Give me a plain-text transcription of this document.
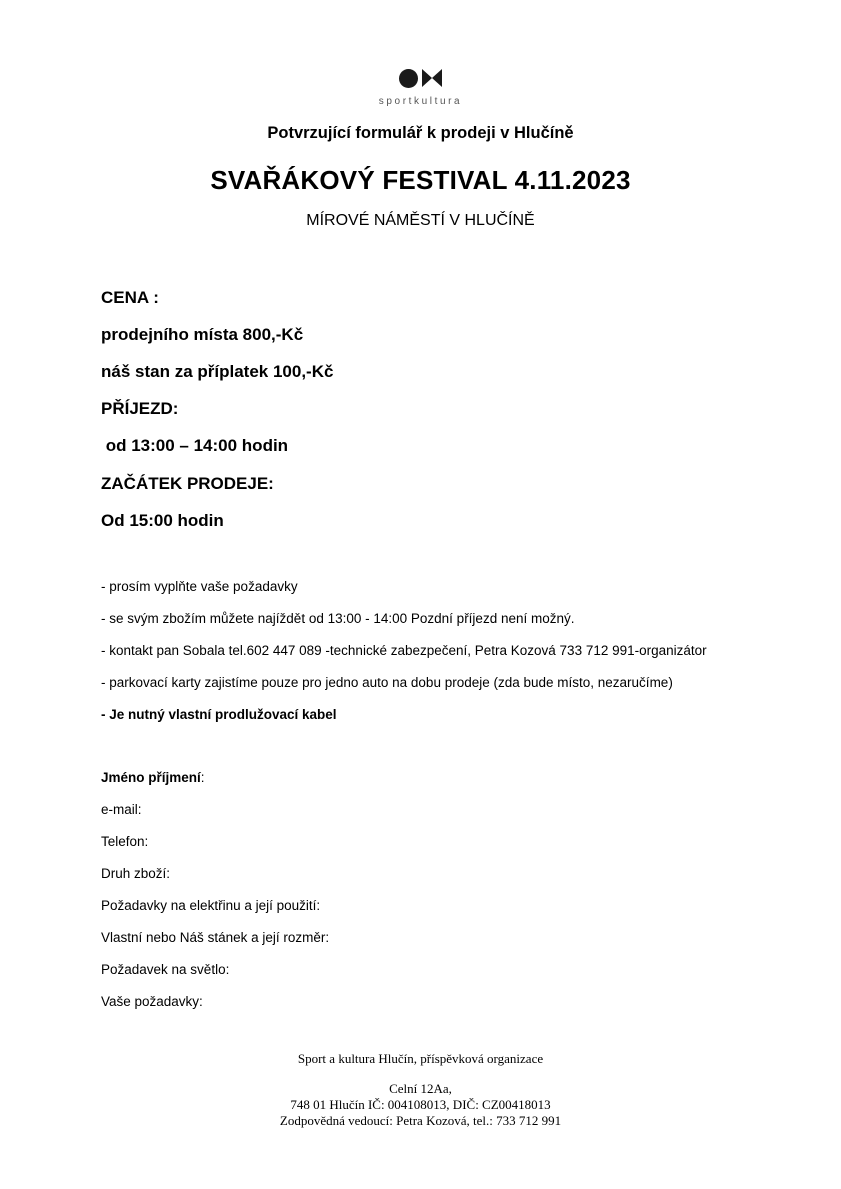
sportkultura
Potvrzující formulář k prodeji v Hlučíně
SVAŘÁKOVÝ FESTIVAL 4.11.2023
MÍROVÉ NÁMĚSTÍ V HLUČÍNĚ
CENA :
prodejního místa 800,-Kč
náš stan za příplatek 100,-Kč
PŘÍJEZD:
od 13:00 – 14:00 hodin
ZAČÁTEK PRODEJE:
Od 15:00 hodin
- prosím vyplňte vaše požadavky
- se svým zbožím můžete najíždět od 13:00 - 14:00 Pozdní příjezd není možný.
- kontakt pan Sobala tel.602 447 089 -technické zabezpečení, Petra Kozová 733 712 991-organizátor
- parkovací karty zajistíme pouze pro jedno auto na dobu prodeje (zda bude místo, nezaručíme)
- Je nutný vlastní prodlužovací kabel
Jméno příjmení:
e-mail:
Telefon:
Druh zboží:
Požadavky na elektřinu a její použití:
Vlastní nebo Náš stánek a její rozměr:
Požadavek na světlo:
Vaše požadavky:
Sport a kultura Hlučín, příspěvková organizace
Celní 12Aa,
748 01 Hlučín IČ: 004108013, DIČ: CZ00418013
Zodpovědná vedoucí: Petra Kozová, tel.: 733 712 991
